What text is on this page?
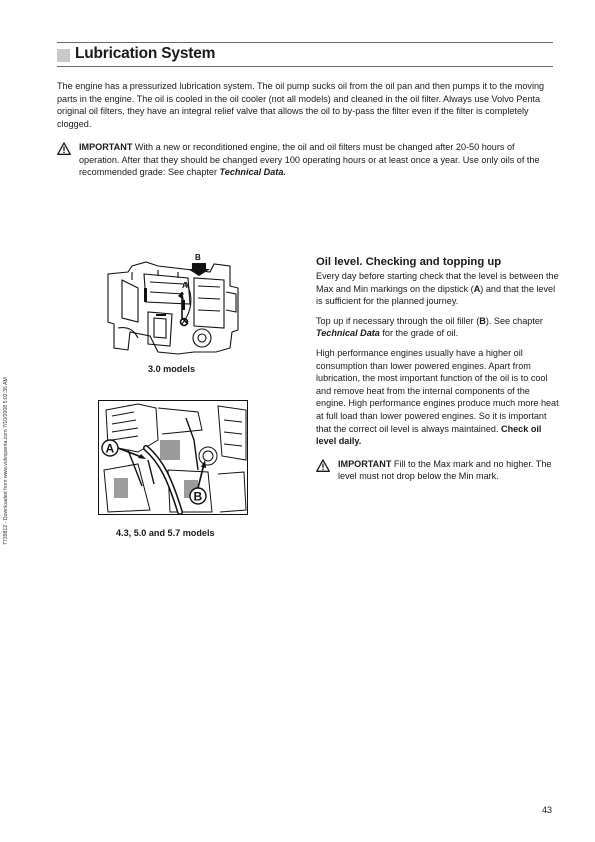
Lubrication System

The engine has a pressurized lubrication system. The oil pump sucks oil from the oil pan and then pumps it to the moving parts in the engine. The oil is cooled in the oil cooler (not all models) and cleaned in the oil filter. Always use Volvo Penta original oil filters, they have an integral relief valve that allows the oil to by-pass the filter even if the filter is completely clogged.

IMPORTANT With a new or reconditioned engine, the oil and oil filters must be changed after 20-50 hours of operation. After that they should be changed every 100 operating hours or at least once a year. Use only oils of the recommended grade: See chapter Technical Data.

7739812 - Downloaded from www.volvopenta.com 7/10/2008 5:02:36 AM
B
A
3.0 models
A
B
4.3, 5.0 and 5.7 models
Oil level. Checking and topping up

Every day before starting check that the level is between the Max and Min markings on the dipstick (A) and that the level is sufficient for the planned journey.

Top up if necessary through the oil filler (B). See chapter Technical Data for the grade of oil.

High performance engines usually have a higher oil consumption than lower powered engines. Apart from lubrication, the most important function of the oil is to cool and remove heat from the internal components of the engine. High performance engines produce much more heat at full load than lower powered engines. So it is important that the correct oil level is always maintained. Check oil level daily.

IMPORTANT Fill to the Max mark and no higher. The level must not drop below the Min mark.

43
